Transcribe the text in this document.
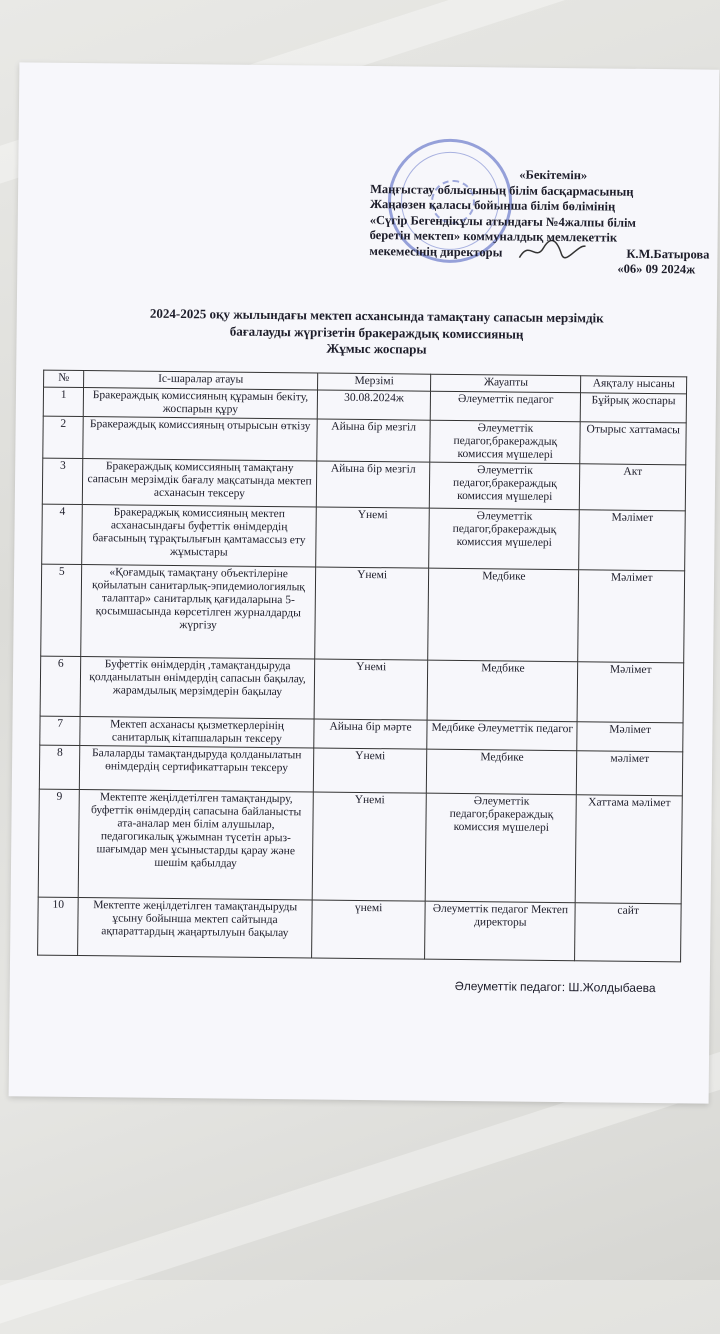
«Бекітемін»
Маңғыстау облысының білім басқармасының
Жаңаөзен қаласы бойынша білім бөлімінің
«Сүгір Бегендікұлы атындағы №4жалпы білім
беретін мектеп» коммуналдық мемлекеттік
мекемесінің директоры	К.М.Батырова
«06» 09 2024ж
2024-2025 оқу жылындағы мектеп асхансында тамақтану сапасын мерзімдік
бағалауды жүргізетін бракераждық комиссияның
Жұмыс жоспары
№	Іс-шаралар атауы	Мерзімі	Жауапты	Аяқталу нысаны
1	Бракераждық комиссияның құрамын бекіту, жоспарын құру	30.08.2024ж	Әлеуметтік педагог	Бұйрық жоспары
2	Бракераждық комиссияның отырысын өткізу	Айына бір мезгіл	Әлеуметтік педагог,бракераждық комиссия мүшелері	Отырыс хаттамасы
3	Бракераждық комиссияның тамақтану сапасын мерзімдік бағалу мақсатында мектеп асханасын тексеру	Айына бір мезгіл	Әлеуметтік педагог,бракераждық комиссия мүшелері	Акт
4	Бракераджық комиссияның мектеп асханасындағы буфеттік өнімдердің бағасының тұрақтылығын қамтамассыз ету жұмыстары	Үнемі	Әлеуметтік педагог,бракераждық комиссия мүшелері	Мәлімет
5	«Қоғамдық тамақтану объектілеріне қойылатын санитарлық-эпидемиологиялық талаптар» санитарлық қағидаларына 5-қосымшасында көрсетілген журналдарды жүргізу	Үнемі	Медбике	Мәлімет
6	Буфеттік өнімдердің ,тамақтандыруда қолданылатын өнімдердің сапасын бақылау, жарамдылық мерзімдерін бақылау	Үнемі	Медбике	Мәлімет
7	Мектеп асханасы қызметкерлерінің санитарлық кітапшаларын тексеру	Айына бір мәрте	Медбике Әлеуметтік педагог	Мәлімет
8	Балаларды тамақтандыруда қолданылатын өнімдердің сертификаттарын тексеру	Үнемі	Медбике	мәлімет
9	Мектепте жеңілдетілген тамақтандыру, буфеттік өнімдердің сапасына байланысты ата-аналар мен білім алушылар, педагогикалық ұжымнан түсетін арыз-шағымдар мен ұсыныстарды қарау және шешім қабылдау	Үнемі	Әлеуметтік педагог,бракераждық комиссия мүшелері	Хаттама мәлімет
10	Мектепте жеңілдетілген тамақтандыруды ұсыну бойынша мектеп сайтында ақпараттардың жаңартылуын бақылау	үнемі	Әлеуметтік педагог Мектеп директоры	сайт
Әлеуметтік педагог: Ш.Жолдыбаева
